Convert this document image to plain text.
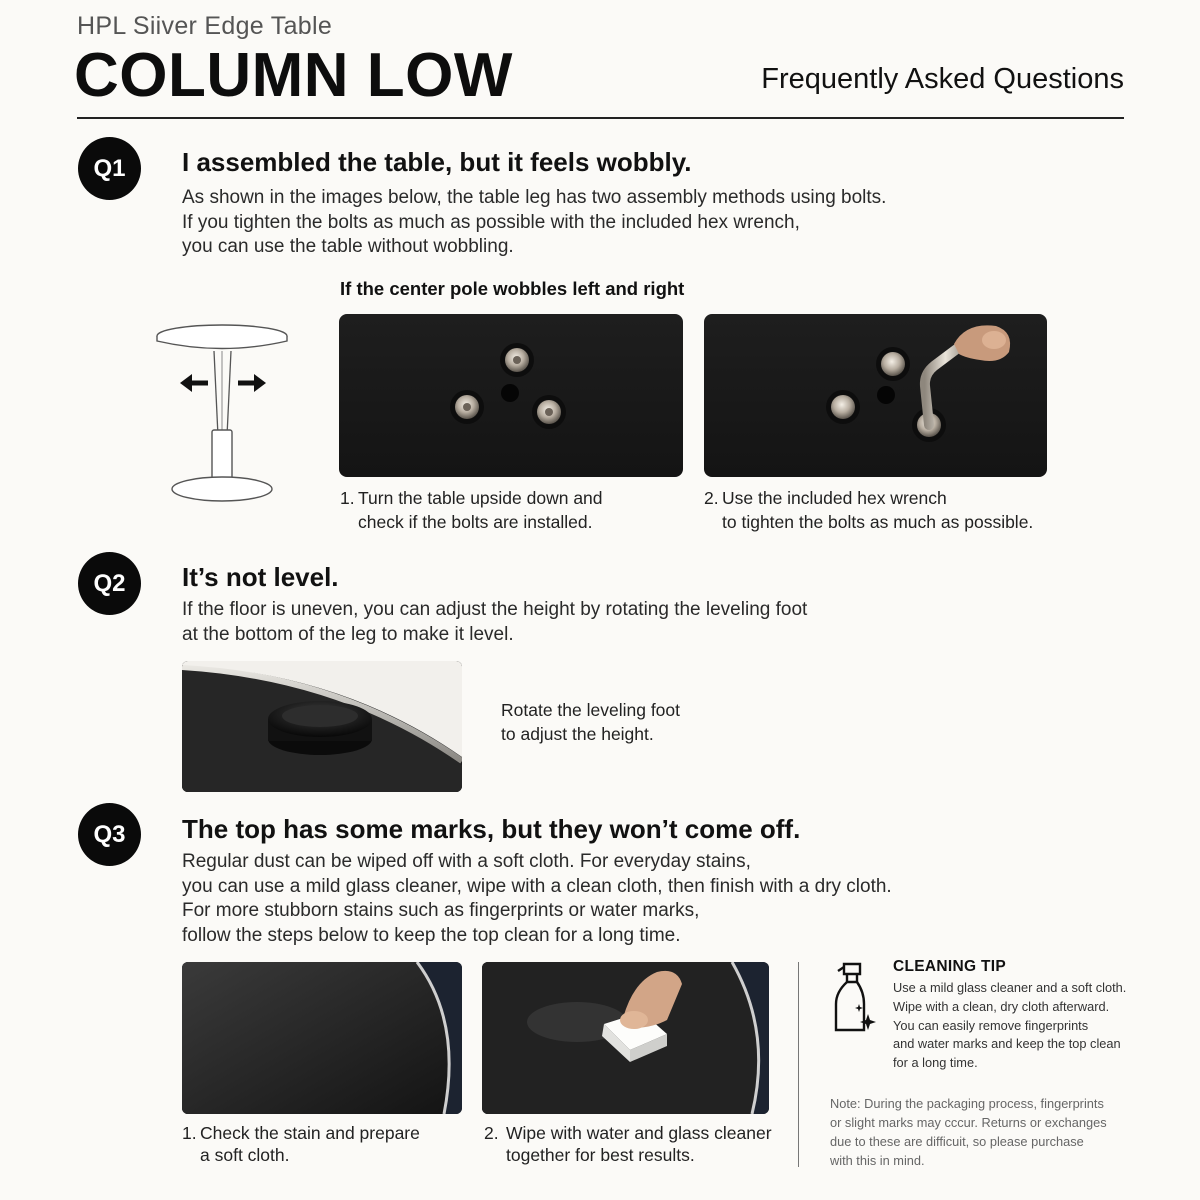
HPL Siiver Edge Table
COLUMN LOW	Frequently Asked Questions
Q1	I assembled the table, but it feels wobbly.
As shown in the images below, the table leg has two assembly methods using bolts.
If you tighten the bolts as much as possible with the included hex wrench,
you can use the table without wobbling.
If the center pole wobbles left and right
1. Turn the table upside down and
check if the bolts are installed.
2. Use the included hex wrench
to tighten the bolts as much as possible.
Q2	It’s not level.
If the floor is uneven, you can adjust the height by rotating the leveling foot
at the bottom of the leg to make it level.
Rotate the leveling foot
to adjust the height.
Q3	The top has some marks, but they won’t come off.
Regular dust can be wiped off with a soft cloth. For everyday stains,
you can use a mild glass cleaner, wipe with a clean cloth, then finish with a dry cloth.
For more stubborn stains such as fingerprints or water marks,
follow the steps below to keep the top clean for a long time.
1. Check the stain and prepare
a soft cloth.
2. Wipe with water and glass cleaner
together for best results.
CLEANING TIP
Use a mild glass cleaner and a soft cloth.
Wipe with a clean, dry cloth afterward.
You can easily remove fingerprints
and water marks and keep the top clean
for a long time.
Note: During the packaging process, fingerprints
or slight marks may cccur. Returns or exchanges
due to these are difficuit, so please purchase
with this in mind.
